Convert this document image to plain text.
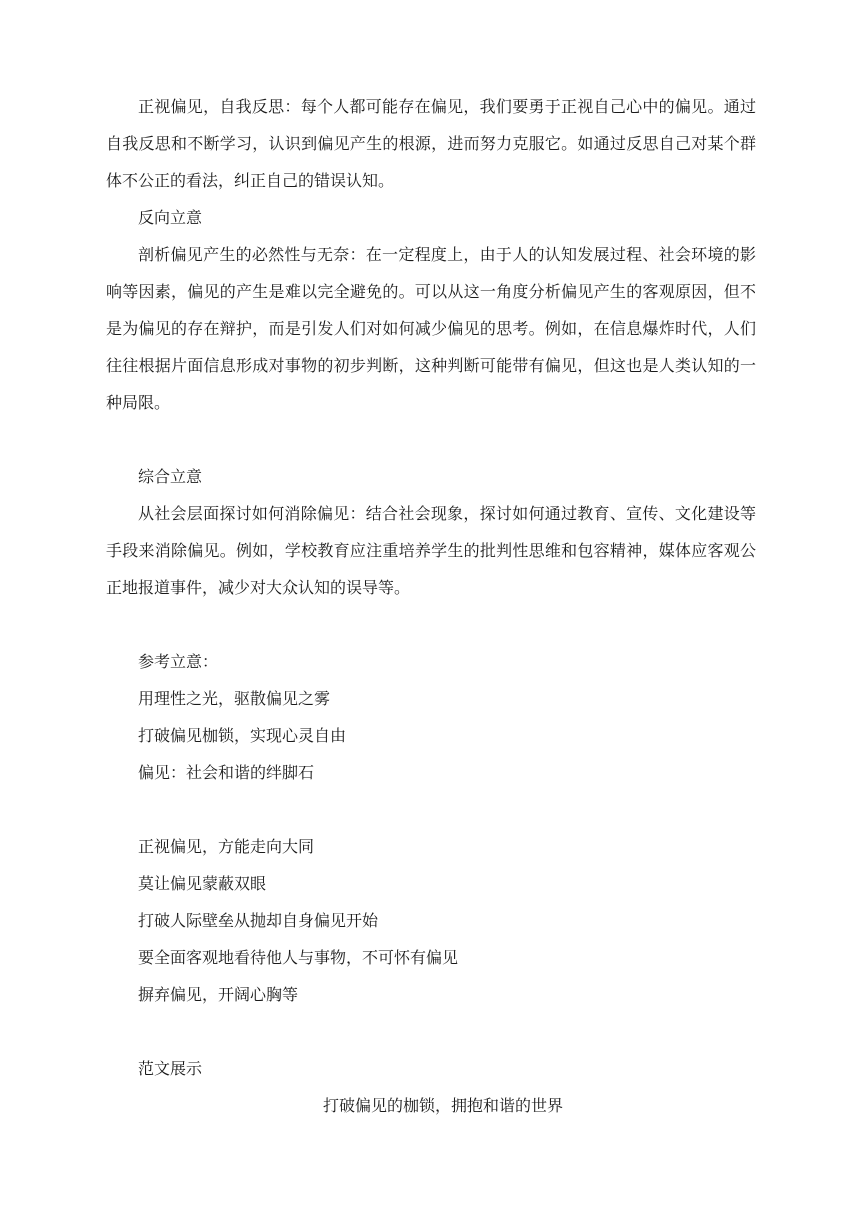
正视偏见，自我反思：每个人都可能存在偏见，我们要勇于正视自己心中的偏见。通过自我反思和不断学习，认识到偏见产生的根源，进而努力克服它。如通过反思自己对某个群体不公正的看法，纠正自己的错误认知。

反向立意

剖析偏见产生的必然性与无奈：在一定程度上，由于人的认知发展过程、社会环境的影响等因素，偏见的产生是难以完全避免的。可以从这一角度分析偏见产生的客观原因，但不是为偏见的存在辩护，而是引发人们对如何减少偏见的思考。例如，在信息爆炸时代，人们往往根据片面信息形成对事物的初步判断，这种判断可能带有偏见，但这也是人类认知的一种局限。

综合立意

从社会层面探讨如何消除偏见：结合社会现象，探讨如何通过教育、宣传、文化建设等手段来消除偏见。例如，学校教育应注重培养学生的批判性思维和包容精神，媒体应客观公正地报道事件，减少对大众认知的误导等。

参考立意：

用理性之光，驱散偏见之雾

打破偏见枷锁，实现心灵自由

偏见：社会和谐的绊脚石

正视偏见，方能走向大同

莫让偏见蒙蔽双眼

打破人际壁垒从抛却自身偏见开始

要全面客观地看待他人与事物，不可怀有偏见

摒弃偏见，开阔心胸等

范文展示

打破偏见的枷锁，拥抱和谐的世界
